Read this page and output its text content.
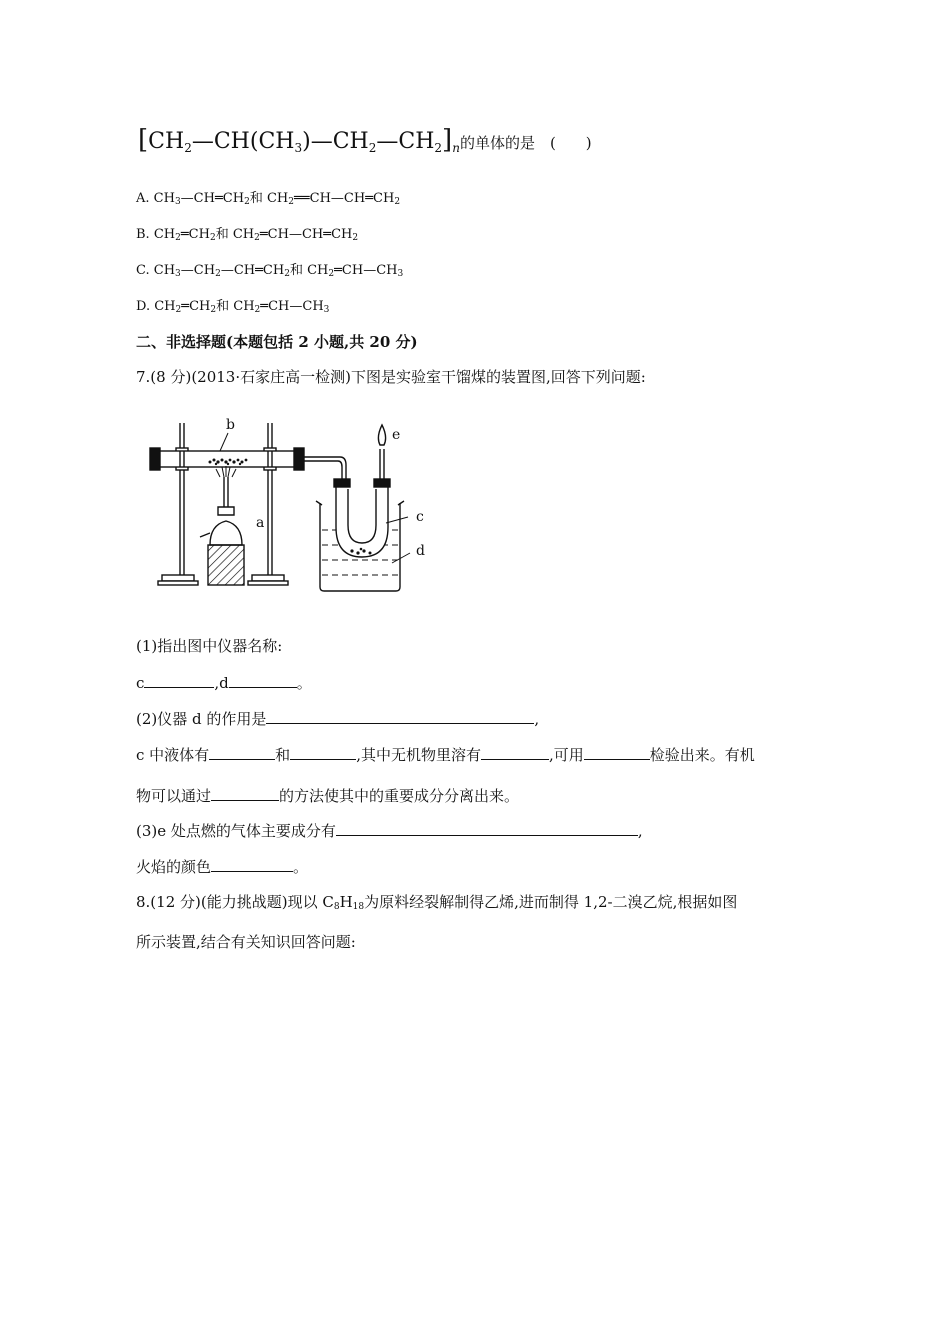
$[CH_2—CH(CH_3)—CH_2—CH_2]_n$的单体的是　(　　)
A. $CH_3—CH═CH_2$和 $CH_2══CH—CH═CH_2$
B. $CH_2═CH_2$和 $CH_2═CH—CH═CH_2$
C. $CH_3—CH_2—CH═CH_2$和 $CH_2═CH—CH_3$
D. $CH_2═CH_2$和 $CH_2═CH—CH_3$
二、非选择题(本题包括 2 小题,共 20 分)
7.(8 分)(2013·石家庄高一检测)下图是实验室干馏煤的装置图,回答下列问题:
b
a
e
c
d
(1)指出图中仪器名称:
c	,d	。
(2)仪器 d 的作用是	,
c 中液体有	和	,其中无机物里溶有	,可用	检验出来。有机
物可以通过	的方法使其中的重要成分分离出来。
(3)e 处点燃的气体主要成分有	,
火焰的颜色	。
8.(12 分)(能力挑战题)现以 $C_8H_{18}$为原料经裂解制得乙烯,进而制得 1,2-二溴乙烷,根据如图
所示装置,结合有关知识回答问题:
